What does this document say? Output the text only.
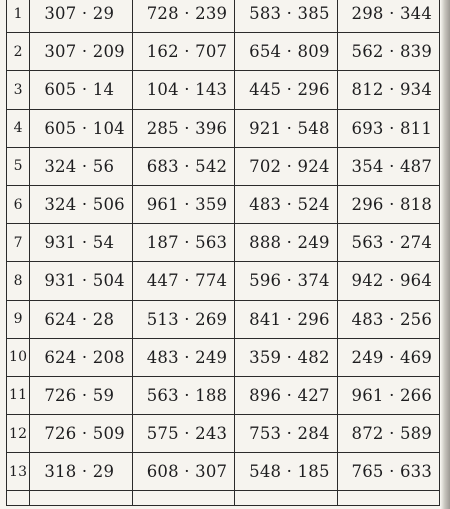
1	307 · 29	728 · 239	583 · 385	298 · 344
2	307 · 209	162 · 707	654 · 809	562 · 839
3	605 · 14	104 · 143	445 · 296	812 · 934
4	605 · 104	285 · 396	921 · 548	693 · 811
5	324 · 56	683 · 542	702 · 924	354 · 487
6	324 · 506	961 · 359	483 · 524	296 · 818
7	931 · 54	187 · 563	888 · 249	563 · 274
8	931 · 504	447 · 774	596 · 374	942 · 964
9	624 · 28	513 · 269	841 · 296	483 · 256
10	624 · 208	483 · 249	359 · 482	249 · 469
11	726 · 59	563 · 188	896 · 427	961 · 266
12	726 · 509	575 · 243	753 · 284	872 · 589
13	318 · 29	608 · 307	548 · 185	765 · 633
